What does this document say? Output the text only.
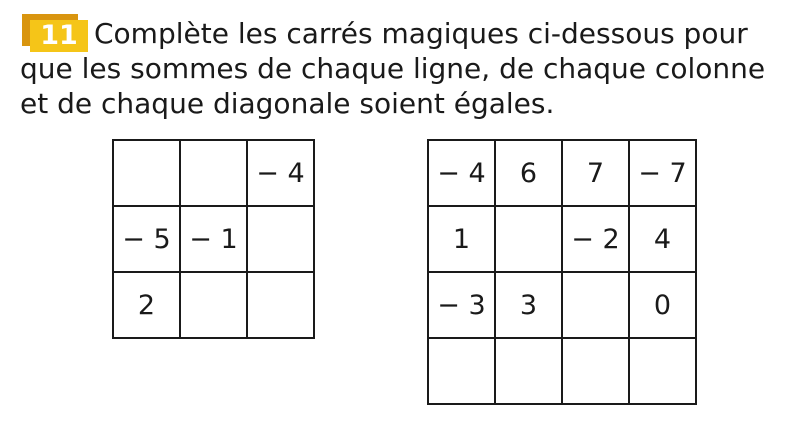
11 Complète les carrés magiques ci-dessous pour que les sommes de chaque ligne, de chaque colonne et de chaque diagonale soient égales.

		− 4
− 5	− 1	
2		
− 4	6	7	− 7
1		− 2	4
− 3	3		0
